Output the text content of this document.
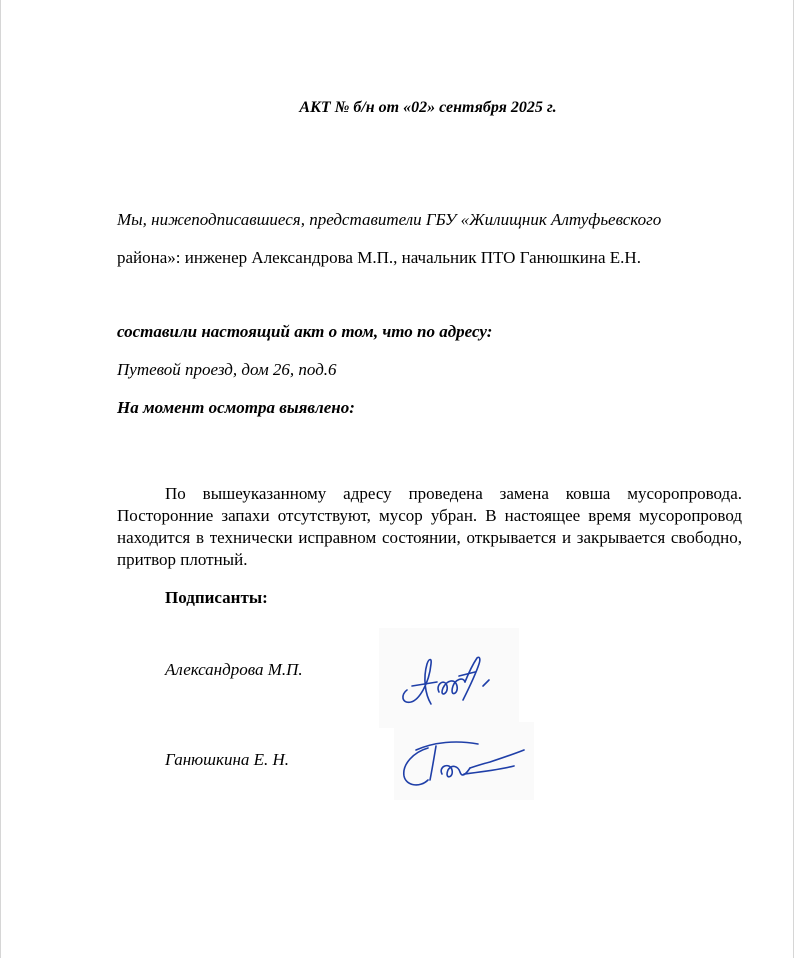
АКТ № б/н от «02» сентября 2025 г.
Мы, нижеподписавшиеся, представители ГБУ «Жилищник Алтуфьевского
района»: инженер Александрова М.П., начальник ПТО Ганюшкина Е.Н.
составили настоящий акт о том, что по адресу:
Путевой проезд, дом 26, под.6
На момент осмотра выявлено:
По вышеуказанному адресу проведена замена ковша мусоропровода. Посторонние запахи отсутствуют, мусор убран. В настоящее время мусоропровод находится в технически исправном состоянии, открывается и закрывается свободно, притвор плотный.
Подписанты:
Александрова М.П.
Ганюшкина Е. Н.
